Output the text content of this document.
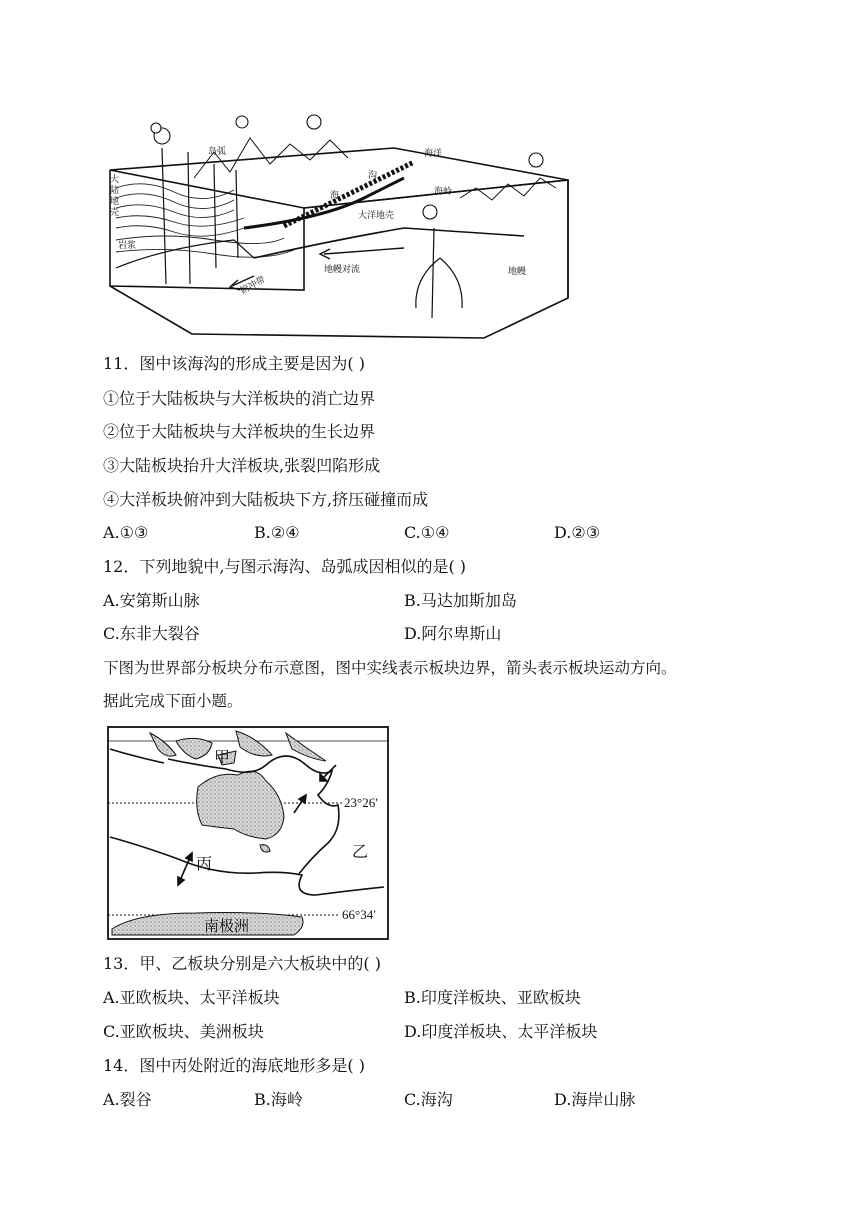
大陆地壳
岛弧	海洋
海
沟
海岭
大洋地壳
岩浆
地幔对流	地幔
俯冲带
11．图中该海沟的形成主要是因为( )
①位于大陆板块与大洋板块的消亡边界
②位于大陆板块与大洋板块的生长边界
③大陆板块抬升大洋板块,张裂凹陷形成
④大洋板块俯冲到大陆板块下方,挤压碰撞而成
A.①③	B.②④	C.①④	D.②③
12．下列地貌中,与图示海沟、岛弧成因相似的是( )
A.安第斯山脉	B.马达加斯加岛
C.东非大裂谷	D.阿尔卑斯山
下图为世界部分板块分布示意图，图中实线表示板块边界，箭头表示板块运动方向。
据此完成下面小题。
甲
乙
丙
南极洲
23°26′
66°34′
13．甲、乙板块分别是六大板块中的( )
A.亚欧板块、太平洋板块	B.印度洋板块、亚欧板块
C.亚欧板块、美洲板块	D.印度洋板块、太平洋板块
14．图中丙处附近的海底地形多是( )
A.裂谷	B.海岭	C.海沟	D.海岸山脉
